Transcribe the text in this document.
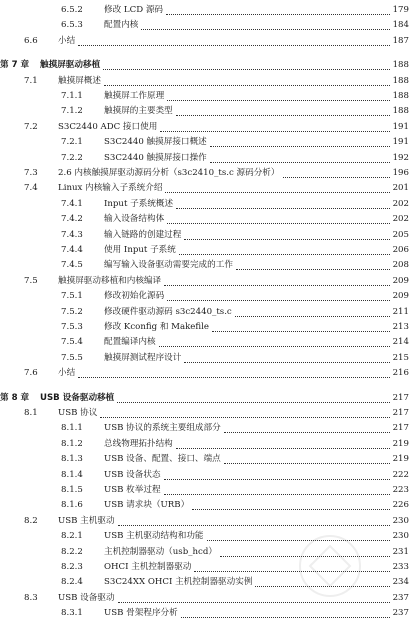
6.5.2 修改 LCD 源码	179
6.5.3 配置内核	184
6.6 小结	187
第 7 章 触摸屏驱动移植	188
7.1 触摸屏概述	188
7.1.1 触摸屏工作原理	188
7.1.2 触摸屏的主要类型	188
7.2 S3C2440 ADC 接口使用	191
7.2.1 S3C2440 触摸屏接口概述	191
7.2.2 S3C2440 触摸屏接口操作	192
7.3 2.6 内核触摸屏驱动源码分析（s3c2410_ts.c 源码分析）	196
7.4 Linux 内核输入子系统介绍	201
7.4.1 Input 子系统概述	202
7.4.2 输入设备结构体	202
7.4.3 输入链路的创建过程	205
7.4.4 使用 Input 子系统	206
7.4.5 编写输入设备驱动需要完成的工作	208
7.5 触摸屏驱动移植和内核编译	209
7.5.1 修改初始化源码	209
7.5.2 修改硬件驱动源码 s3c2440_ts.c	211
7.5.3 修改 Kconfig 和 Makefile	213
7.5.4 配置编译内核	214
7.5.5 触摸屏测试程序设计	215
7.6 小结	216
第 8 章 USB 设备驱动移植	217
8.1 USB 协议	217
8.1.1 USB 协议的系统主要组成部分	217
8.1.2 总线物理拓扑结构	219
8.1.3 USB 设备、配置、接口、端点	219
8.1.4 USB 设备状态	222
8.1.5 USB 枚举过程	223
8.1.6 USB 请求块（URB）	226
8.2 USB 主机驱动	230
8.2.1 USB 主机驱动结构和功能	230
8.2.2 主机控制器驱动（usb_hcd）	231
8.2.3 OHCI 主机控制器驱动	233
8.2.4 S3C24XX OHCI 主机控制器驱动实例	234
8.3 USB 设备驱动	237
8.3.1 USB 骨架程序分析	237
